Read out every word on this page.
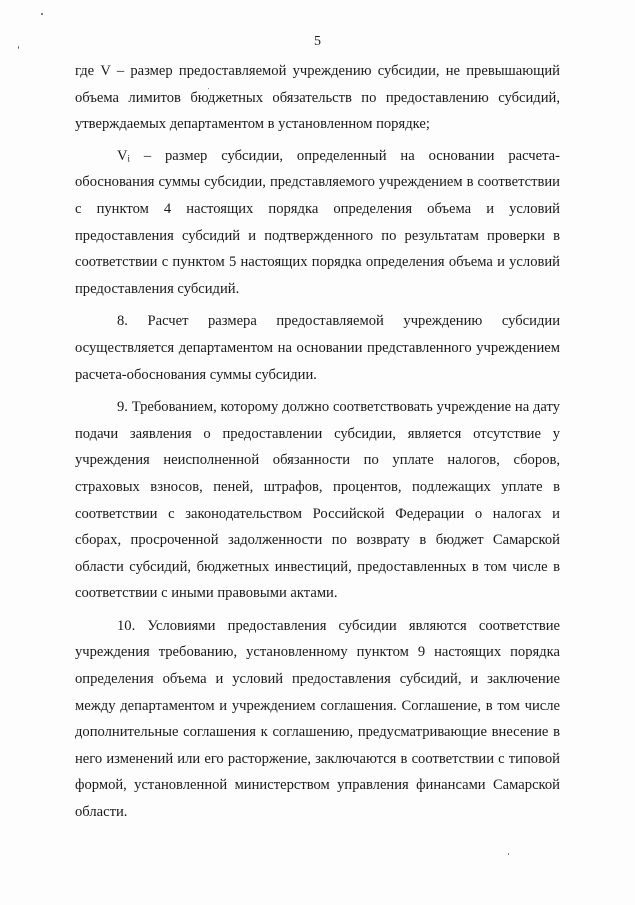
5

где V – размер предоставляемой учреждению субсидии, не превышающий объема лимитов бюджетных обязательств по предоставлению субсидий, утверждаемых департаментом в установленном порядке;

Vᵢ – размер субсидии, определенный на основании расчета-обоснования суммы субсидии, представляемого учреждением в соответствии с пунктом 4 настоящих порядка определения объема и условий предоставления субсидий и подтвержденного по результатам проверки в соответствии с пунктом 5 настоящих порядка определения объема и условий предоставления субсидий.

8. Расчет размера предоставляемой учреждению субсидии осуществляется департаментом на основании представленного учреждением расчета-обоснования суммы субсидии.

9. Требованием, которому должно соответствовать учреждение на дату подачи заявления о предоставлении субсидии, является отсутствие у учреждения неисполненной обязанности по уплате налогов, сборов, страховых взносов, пеней, штрафов, процентов, подлежащих уплате в соответствии с законодательством Российской Федерации о налогах и сборах, просроченной задолженности по возврату в бюджет Самарской области субсидий, бюджетных инвестиций, предоставленных в том числе в соответствии с иными правовыми актами.

10. Условиями предоставления субсидии являются соответствие учреждения требованию, установленному пунктом 9 настоящих порядка определения объема и условий предоставления субсидий, и заключение между департаментом и учреждением соглашения. Соглашение, в том числе дополнительные соглашения к соглашению, предусматривающие внесение в него изменений или его расторжение, заключаются в соответствии с типовой формой, установленной министерством управления финансами Самарской области.
